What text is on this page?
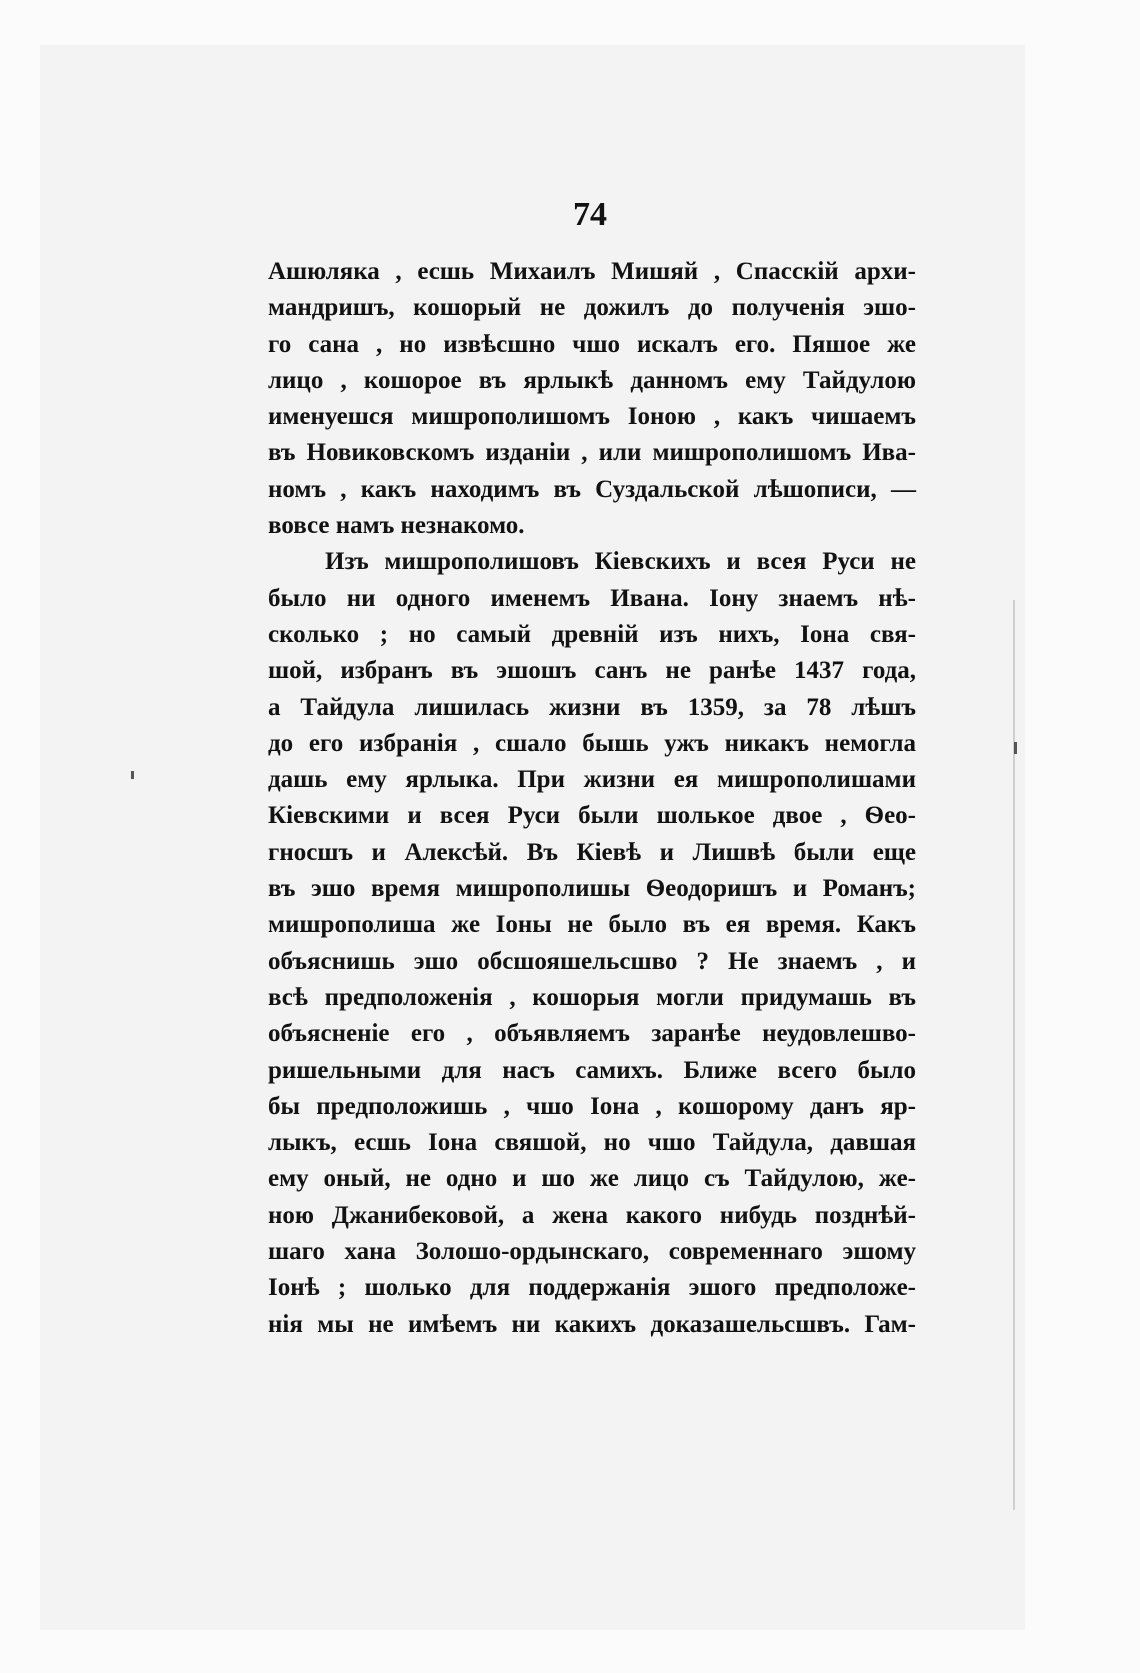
74
Ашюляка , есшь Михаилъ Мишяй , Спасскій архи-
мандришъ, кошорый не дожилъ до полученія эшо-
го сана , но извѣсшно чшо искалъ его. Пяшое же
лицо , кошорое въ ярлыкѣ данномъ ему Тайдулою
именуешся мишрополишомъ Іоною , какъ чишаемъ
въ Новиковскомъ изданіи , или мишрополишомъ Ива-
номъ , какъ находимъ въ Суздальской лѣшописи, —
вовсе намъ незнакомо.
Изъ мишрополишовъ Кіевскихъ и всея Руси не
было ни одного именемъ Ивана. Іону знаемъ нѣ-
сколько ; но самый древній изъ нихъ, Іона свя-
шой, избранъ въ эшошъ санъ не ранѣе 1437 года,
а Тайдула лишилась жизни въ 1359, за 78 лѣшъ
до его избранія , сшало бышь ужъ никакъ немогла
дашь ему ярлыка. При жизни ея мишрополишами
Кіевскими и всея Руси были шолькое двое , Ѳео-
гносшъ и Алексѣй. Въ Кіевѣ и Лишвѣ были еще
въ эшо время мишрополишы Ѳеодоришъ и Романъ;
мишрополиша же Іоны не было въ ея время. Какъ
объяснишь эшо обсшояшельсшво ? Не знаемъ , и
всѣ предположенія , кошорыя могли придумашь въ
объясненіе его , объявляемъ заранѣе неудовлешво-
ришельными для насъ самихъ. Ближе всего было
бы предположишь , чшо Іона , кошорому данъ яр-
лыкъ, есшь Іона свяшой, но чшо Тайдула, давшая
ему оный, не одно и шо же лицо съ Тайдулою, же-
ною Джанибековой, а жена какого нибудь позднѣй-
шаго хана Золошо-ордынскаго, современнаго эшому
Іонѣ ; шолько для поддержанія эшого предположе-
нія мы не имѣемъ ни какихъ доказашельсшвъ. Гам-
